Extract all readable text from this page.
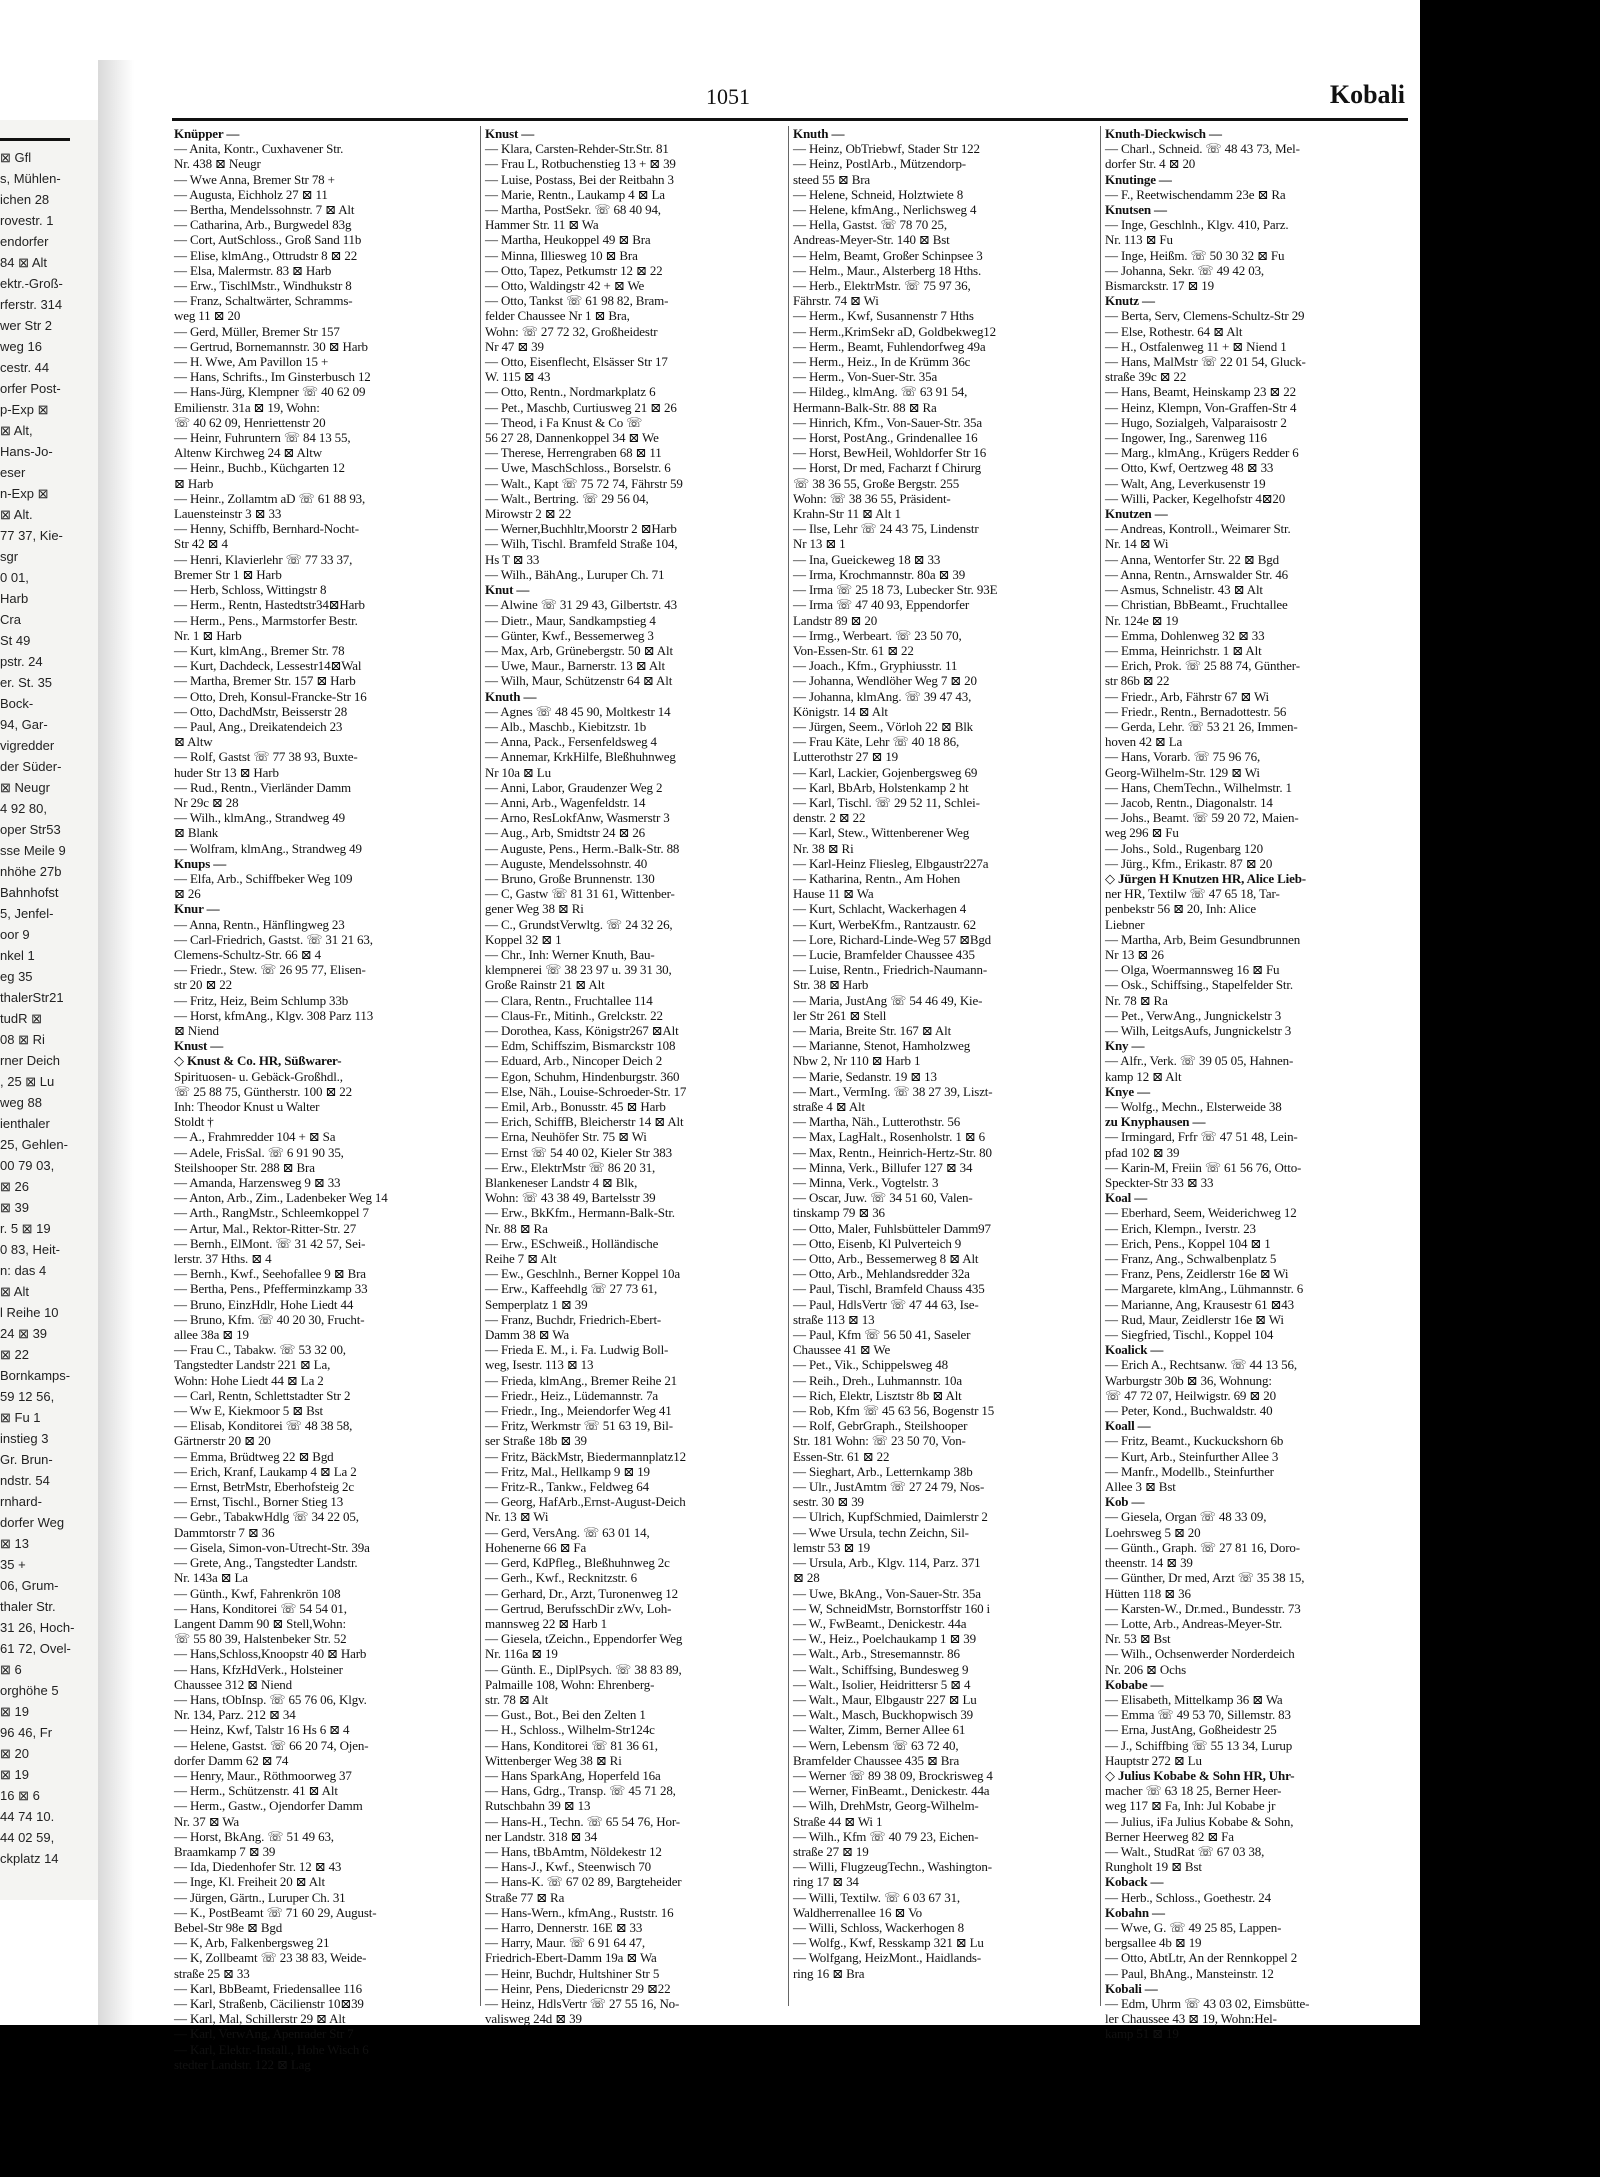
⊠ Gfl
s, Mühlen-
ichen 28
rovestr. 1
endorfer
84 ⊠ Alt
ektr.-Groß-
rferstr. 314
wer Str 2
weg 16
cestr. 44
orfer Post-
p-Exp ⊠
⊠ Alt,
Hans-Jo-
eser
n-Exp ⊠
⊠ Alt.
77 37, Kie-
sgr
0 01,
Harb
Cra
St 49
pstr. 24
er. St. 35
Bock-
94, Gar-
vigredder
der Süder-
⊠ Neugr
4 92 80,
oper Str53
sse Meile 9
nhöhe 27b
Bahnhofst
5, Jenfel-
oor 9
nkel 1
eg 35
thalerStr21
tudR ⊠
08 ⊠ Ri
rner Deich
, 25 ⊠ Lu
weg 88
ienthaler
25, Gehlen-
00 79 03,
⊠ 26
⊠ 39
r. 5 ⊠ 19
0 83, Heit-
n: das 4
⊠ Alt
l Reihe 10
24 ⊠ 39
⊠ 22
Bornkamps-
59 12 56,
⊠ Fu 1
instieg 3
Gr. Brun-
ndstr. 54
rnhard-
dorfer Weg
⊠ 13
35 +
06, Grum-
thaler Str.
31 26, Hoch-
61 72, Ovel-
⊠ 6
orghöhe 5
⊠ 19
96 46, Fr
⊠ 20
⊠ 19
16 ⊠ 6
44 74 10.
44 02 59,
ckplatz 14
1051	Kobali

Knüpper —

— Anita, Kontr., Cuxhavener Str.

Nr. 438 ⊠ Neugr

— Wwe Anna, Bremer Str 78 +

— Augusta, Eichholz 27 ⊠ 11

— Bertha, Mendelssohnstr. 7 ⊠ Alt

— Catharina, Arb., Burgwedel 83g

— Cort, AutSchloss., Groß Sand 11b

— Elise, klmAng., Ottrudstr 8 ⊠ 22

— Elsa, Malermstr. 83 ⊠ Harb

— Erw., TischlMstr., Windhukstr 8

— Franz, Schaltwärter, Schramms-

weg 11 ⊠ 20

— Gerd, Müller, Bremer Str 157

— Gertrud, Bornemannstr. 30 ⊠ Harb

— H. Wwe, Am Pavillon 15 +

— Hans, Schrifts., Im Ginsterbusch 12

— Hans-Jürg, Klempner ☏ 40 62 09

Emilienstr. 31a ⊠ 19, Wohn:

☏ 40 62 09, Henriettenstr 20

— Heinr, Fuhruntern ☏ 84 13 55,

Altenw Kirchweg 24 ⊠ Altw

— Heinr., Buchb., Küchgarten 12

⊠ Harb

— Heinr., Zollamtm aD ☏ 61 88 93,

Lauensteinstr 3 ⊠ 33

— Henny, Schiffb, Bernhard-Nocht-

Str 42 ⊠ 4

— Henri, Klavierlehr ☏ 77 33 37,

Bremer Str 1 ⊠ Harb

— Herb, Schloss, Wittingstr 8

— Herm., Rentn, Hastedtstr34⊠Harb

— Herm., Pens., Marmstorfer Bestr.

Nr. 1 ⊠ Harb

— Kurt, klmAng., Bremer Str. 78

— Kurt, Dachdeck, Lessestr14⊠Wal

— Martha, Bremer Str. 157 ⊠ Harb

— Otto, Dreh, Konsul-Francke-Str 16

— Otto, DachdMstr, Beisserstr 28

— Paul, Ang., Dreikatendeich 23

⊠ Altw

— Rolf, Gastst ☏ 77 38 93, Buxte-

huder Str 13 ⊠ Harb

— Rud., Rentn., Vierländer Damm

Nr 29c ⊠ 28

— Wilh., klmAng., Strandweg 49

⊠ Blank

— Wolfram, klmAng., Strandweg 49

Knups —

— Elfa, Arb., Schiffbeker Weg 109

⊠ 26

Knur —

— Anna, Rentn., Hänflingweg 23

— Carl-Friedrich, Gastst. ☏ 31 21 63,

Clemens-Schultz-Str. 66 ⊠ 4

— Friedr., Stew. ☏ 26 95 77, Elisen-

str 20 ⊠ 22

— Fritz, Heiz, Beim Schlump 33b

— Horst, kfmAng., Klgv. 308 Parz 113

⊠ Niend

Knust —

◇ Knust & Co. HR, Süßwarer-

Spirituosen- u. Gebäck-Großhdl.,

☏ 25 88 75, Güntherstr. 100 ⊠ 22

Inh: Theodor Knust u Walter

Stoldt †

— A., Frahmredder 104 + ⊠ Sa

— Adele, FrisSal. ☏ 6 91 90 35,

Steilshooper Str. 288 ⊠ Bra

— Amanda, Harzensweg 9 ⊠ 33

— Anton, Arb., Zim., Ladenbeker Weg 14

— Arth., RangMstr., Schleemkoppel 7

— Artur, Mal., Rektor-Ritter-Str. 27

— Bernh., ElMont. ☏ 31 42 57, Sei-

lerstr. 37 Hths. ⊠ 4

— Bernh., Kwf., Seehofallee 9 ⊠ Bra

— Bertha, Pens., Pfefferminzkamp 33

— Bruno, EinzHdlr, Hohe Liedt 44

— Bruno, Kfm. ☏ 40 20 30, Frucht-

allee 38a ⊠ 19

— Frau C., Tabakw. ☏ 53 32 00,

Tangstedter Landstr 221 ⊠ La,

Wohn: Hohe Liedt 44 ⊠ La 2

— Carl, Rentn, Schlettstadter Str 2

— Ww E, Kiekmoor 5 ⊠ Bst

— Elisab, Konditorei ☏ 48 38 58,

Gärtnerstr 20 ⊠ 20

— Emma, Brüdtweg 22 ⊠ Bgd

— Erich, Kranf, Laukamp 4 ⊠ La 2

— Ernst, BetrMstr, Eberhofsteig 2c

— Ernst, Tischl., Borner Stieg 13

— Gebr., TabakwHdlg ☏ 34 22 05,

Dammtorstr 7 ⊠ 36

— Gisela, Simon-von-Utrecht-Str. 39a

— Grete, Ang., Tangstedter Landstr.

Nr. 143a ⊠ La

— Günth., Kwf, Fahrenkrön 108

— Hans, Konditorei ☏ 54 54 01,

Langent Damm 90 ⊠ Stell,Wohn:

☏ 55 80 39, Halstenbeker Str. 52

— Hans,Schloss,Knoopstr 40 ⊠ Harb

— Hans, KfzHdVerk., Holsteiner

Chaussee 312 ⊠ Niend

— Hans, tObInsp. ☏ 65 76 06, Klgv.

Nr. 134, Parz. 212 ⊠ 34

— Heinz, Kwf, Talstr 16 Hs 6 ⊠ 4

— Helene, Gastst. ☏ 66 20 74, Ojen-

dorfer Damm 62 ⊠ 74

— Henry, Maur., Röthmoorweg 37

— Herm., Schützenstr. 41 ⊠ Alt

— Herm., Gastw., Ojendorfer Damm

Nr. 37 ⊠ Wa

— Horst, BkAng. ☏ 51 49 63,

Braamkamp 7 ⊠ 39

— Ida, Diedenhofer Str. 12 ⊠ 43

— Inge, Kl. Freiheit 20 ⊠ Alt

— Jürgen, Gärtn., Luruper Ch. 31

— K., PostBeamt ☏ 71 60 29, August-

Bebel-Str 98e ⊠ Bgd

— K, Arb, Falkenbergsweg 21

— K, Zollbeamt ☏ 23 38 83, Weide-

straße 25 ⊠ 33

— Karl, BbBeamt, Friedensallee 116

— Karl, Straßenb, Cäcilienstr 10⊠39

— Karl, Mal, Schillerstr 29 ⊠ Alt

— Karl, VerwAng, Apenrader Str 7

— Karl, Elektr.-Install., Hohe Wisch 6

stedter Landstr. 122 ⊠ Lag

Knust —

— Klara, Carsten-Rehder-Str.Str. 81

— Frau L, Rotbuchenstieg 13 + ⊠ 39

— Luise, Postass, Bei der Reitbahn 3

— Marie, Rentn., Laukamp 4 ⊠ La

— Martha, PostSekr. ☏ 68 40 94,

Hammer Str. 11 ⊠ Wa

— Martha, Heukoppel 49 ⊠ Bra

— Minna, Illiesweg 10 ⊠ Bra

— Otto, Tapez, Petkumstr 12 ⊠ 22

— Otto, Waldingstr 42 + ⊠ We

— Otto, Tankst ☏ 61 98 82, Bram-

felder Chaussee Nr 1 ⊠ Bra,

Wohn: ☏ 27 72 32, Großheidestr

Nr 47 ⊠ 39

— Otto, Eisenflecht, Elsässer Str 17

W. 115 ⊠ 43

— Otto, Rentn., Nordmarkplatz 6

— Pet., Maschb, Curtiusweg 21 ⊠ 26

— Theod, i Fa Knust & Co ☏

56 27 28, Dannenkoppel 34 ⊠ We

— Therese, Herrengraben 68 ⊠ 11

— Uwe, MaschSchloss., Borselstr. 6

— Walt., Kapt ☏ 75 72 74, Fährstr 59

— Walt., Bertring. ☏ 29 56 04,

Mirowstr 2 ⊠ 22

— Werner,Buchhltr,Moorstr 2 ⊠Harb

— Wilh, Tischl. Bramfeld Straße 104,

Hs T ⊠ 33

— Wilh., BähAng., Luruper Ch. 71

Knut —

— Alwine ☏ 31 29 43, Gilbertstr. 43

— Dietr., Maur, Sandkampstieg 4

— Günter, Kwf., Bessemerweg 3

— Max, Arb, Grünebergstr. 50 ⊠ Alt

— Uwe, Maur., Barnerstr. 13 ⊠ Alt

— Wilh, Maur, Schützenstr 64 ⊠ Alt

Knuth —

— Agnes ☏ 48 45 90, Moltkestr 14

— Alb., Maschb., Kiebitzstr. 1b

— Anna, Pack., Fersenfeldsweg 4

— Annemar, KrkHilfe, Bleßhuhnweg

Nr 10a ⊠ Lu

— Anni, Labor, Graudenzer Weg 2

— Anni, Arb., Wagenfeldstr. 14

— Arno, ResLokfAnw, Wasmerstr 3

— Aug., Arb, Smidtstr 24 ⊠ 26

— Auguste, Pens., Herm.-Balk-Str. 88

— Auguste, Mendelssohnstr. 40

— Bruno, Große Brunnenstr. 130

— C, Gastw ☏ 81 31 61, Wittenber-

gener Weg 38 ⊠ Ri

— C., GrundstVerwltg. ☏ 24 32 26,

Koppel 32 ⊠ 1

— Chr., Inh: Werner Knuth, Bau-

klempnerei ☏ 38 23 97 u. 39 31 30,

Große Rainstr 21 ⊠ Alt

— Clara, Rentn., Fruchtallee 114

— Claus-Fr., Mitinh., Grelckstr. 22

— Dorothea, Kass, Königstr267 ⊠Alt

— Edm, Schiffszim, Bismarckstr 108

— Eduard, Arb., Nincoper Deich 2

— Egon, Schuhm, Hindenburgstr. 360

— Else, Näh., Louise-Schroeder-Str. 17

— Emil, Arb., Bonusstr. 45 ⊠ Harb

— Erich, SchiffB, Bleicherstr 14 ⊠ Alt

— Erna, Neuhöfer Str. 75 ⊠ Wi

— Ernst ☏ 54 40 02, Kieler Str 383

— Erw., ElektrMstr ☏ 86 20 31,

Blankeneser Landstr 4 ⊠ Blk,

Wohn: ☏ 43 38 49, Bartelsstr 39

— Erw., BkKfm., Hermann-Balk-Str.

Nr. 88 ⊠ Ra

— Erw., ESchweiß., Holländische

Reihe 7 ⊠ Alt

— Ew., Geschlnh., Berner Koppel 10a

— Erw., Kaffeehdlg ☏ 27 73 61,

Semperplatz 1 ⊠ 39

— Franz, Buchdr, Friedrich-Ebert-

Damm 38 ⊠ Wa

— Frieda E. M., i. Fa. Ludwig Boll-

weg, Isestr. 113 ⊠ 13

— Frieda, klmAng., Bremer Reihe 21

— Friedr., Heiz., Lüdemannstr. 7a

— Friedr., Ing., Meiendorfer Weg 41

— Fritz, Werkmstr ☏ 51 63 19, Bil-

ser Straße 18b ⊠ 39

— Fritz, BäckMstr, Biedermannplatz12

— Fritz, Mal., Hellkamp 9 ⊠ 19

— Fritz-R., Tankw., Feldweg 64

— Georg, HafArb.,Ernst-August-Deich

Nr. 13 ⊠ Wi

— Gerd, VersAng. ☏ 63 01 14,

Hohenerne 66 ⊠ Fa

— Gerd, KdPfleg., Bleßhuhnweg 2c

— Gerh., Kwf., Recknitzstr. 6

— Gerhard, Dr., Arzt, Turonenweg 12

— Gertrud, BerufsschDir zWv, Loh-

mannsweg 22 ⊠ Harb 1

— Giesela, tZeichn., Eppendorfer Weg

Nr. 116a ⊠ 19

— Günth. E., DiplPsych. ☏ 38 83 89,

Palmaille 108, Wohn: Ehrenberg-

str. 78 ⊠ Alt

— Gust., Bot., Bei den Zelten 1

— H., Schloss., Wilhelm-Str124c

— Hans, Konditorei ☏ 81 36 61,

Wittenberger Weg 38 ⊠ Ri

— Hans SparkAng, Hoperfeld 16a

— Hans, Gdrg., Transp. ☏ 45 71 28,

Rutschbahn 39 ⊠ 13

— Hans-H., Techn. ☏ 65 54 76, Hor-

ner Landstr. 318 ⊠ 34

— Hans, tBbAmtm, Nöldekestr 12

— Hans-J., Kwf., Steenwisch 70

— Hans-K. ☏ 67 02 89, Bargteheider

Straße 77 ⊠ Ra

— Hans-Wern., kfmAng., Ruststr. 16

— Harro, Dennerstr. 16E ⊠ 33

— Harry, Maur. ☏ 6 91 64 47,

Friedrich-Ebert-Damm 19a ⊠ Wa

— Heinr, Buchdr, Hultshiner Str 5

— Heinr, Pens, Diedericnstr 29 ⊠22

— Heinz, HdlsVertr ☏ 27 55 16, No-

valisweg 24d ⊠ 39

Knuth —

— Heinz, ObTriebwf, Stader Str 122

— Heinz, PostlArb., Mützendorp-

steed 55 ⊠ Bra

— Helene, Schneid, Holztwiete 8

— Helene, kfmAng., Nerlichsweg 4

— Hella, Gastst. ☏ 78 70 25,

Andreas-Meyer-Str. 140 ⊠ Bst

— Helm, Beamt, Großer Schinpsee 3

— Helm., Maur., Alsterberg 18 Hths.

— Herb., ElektrMstr. ☏ 75 97 36,

Fährstr. 74 ⊠ Wi

— Herm., Kwf, Susannenstr 7 Hths

— Herm.,KrimSekr aD, Goldbekweg12

— Herm., Beamt, Fuhlendorfweg 49a

— Herm., Heiz., In de Krümm 36c

— Herm., Von-Suer-Str. 35a

— Hildeg., klmAng. ☏ 63 91 54,

Hermann-Balk-Str. 88 ⊠ Ra

— Hinrich, Kfm., Von-Sauer-Str. 35a

— Horst, PostAng., Grindenallee 16

— Horst, BewHeil, Wohldorfer Str 16

— Horst, Dr med, Facharzt f Chirurg

☏ 38 36 55, Große Bergstr. 255

Wohn: ☏ 38 36 55, Präsident-

Krahn-Str 11 ⊠ Alt 1

— Ilse, Lehr ☏ 24 43 75, Lindenstr

Nr 13 ⊠ 1

— Ina, Gueickeweg 18 ⊠ 33

— Irma, Krochmannstr. 80a ⊠ 39

— Irma ☏ 25 18 73, Lubecker Str. 93E

— Irma ☏ 47 40 93, Eppendorfer

Landstr 89 ⊠ 20

— Irmg., Werbeart. ☏ 23 50 70,

Von-Essen-Str. 61 ⊠ 22

— Joach., Kfm., Gryphiusstr. 11

— Johanna, Wendlöher Weg 7 ⊠ 20

— Johanna, klmAng. ☏ 39 47 43,

Königstr. 14 ⊠ Alt

— Jürgen, Seem., Vörloh 22 ⊠ Blk

— Frau Käte, Lehr ☏ 40 18 86,

Lutterothstr 27 ⊠ 19

— Karl, Lackier, Gojenbergsweg 69

— Karl, BbArb, Holstenkamp 2 ht

— Karl, Tischl. ☏ 29 52 11, Schlei-

denstr. 2 ⊠ 22

— Karl, Stew., Wittenberener Weg

Nr. 38 ⊠ Ri

— Karl-Heinz Fliesleg, Elbgaustr227a

— Katharina, Rentn., Am Hohen

Hause 11 ⊠ Wa

— Kurt, Schlacht, Wackerhagen 4

— Kurt, WerbeKfm., Rantzaustr. 62

— Lore, Richard-Linde-Weg 57 ⊠Bgd

— Lucie, Bramfelder Chaussee 435

— Luise, Rentn., Friedrich-Naumann-

Str. 38 ⊠ Harb

— Maria, JustAng ☏ 54 46 49, Kie-

ler Str 261 ⊠ Stell

— Maria, Breite Str. 167 ⊠ Alt

— Marianne, Stenot, Hamholzweg

Nbw 2, Nr 110 ⊠ Harb 1

— Marie, Sedanstr. 19 ⊠ 13

— Mart., VermIng. ☏ 38 27 39, Liszt-

straße 4 ⊠ Alt

— Martha, Näh., Lutterothstr. 56

— Max, LagHalt., Rosenholstr. 1 ⊠ 6

— Max, Rentn., Heinrich-Hertz-Str. 80

— Minna, Verk., Billufer 127 ⊠ 34

— Minna, Verk., Vogtelstr. 3

— Oscar, Juw. ☏ 34 51 60, Valen-

tinskamp 79 ⊠ 36

— Otto, Maler, Fuhlsbütteler Damm97

— Otto, Eisenb, Kl Pulverteich 9

— Otto, Arb., Bessemerweg 8 ⊠ Alt

— Otto, Arb., Mehlandsredder 32a

— Paul, Tischl, Bramfeld Chauss 435

— Paul, HdlsVertr ☏ 47 44 63, Ise-

straße 113 ⊠ 13

— Paul, Kfm ☏ 56 50 41, Saseler

Chaussee 41 ⊠ We

— Pet., Vik., Schippelsweg 48

— Reih., Dreh., Luhmannstr. 10a

— Rich, Elektr, Lisztstr 8b ⊠ Alt

— Rob, Kfm ☏ 45 63 56, Bogenstr 15

— Rolf, GebrGraph., Steilshooper

Str. 181 Wohn: ☏ 23 50 70, Von-

Essen-Str. 61 ⊠ 22

— Sieghart, Arb., Letternkamp 38b

— Ulr., JustAmtm ☏ 27 24 79, Nos-

sestr. 30 ⊠ 39

— Ulrich, KupfSchmied, Daimlerstr 2

— Wwe Ursula, techn Zeichn, Sil-

lemstr 53 ⊠ 19

— Ursula, Arb., Klgv. 114, Parz. 371

⊠ 28

— Uwe, BkAng., Von-Sauer-Str. 35a

— W, SchneidMstr, Bornstorffstr 160 i

— W., FwBeamt., Denickestr. 44a

— W., Heiz., Poelchaukamp 1 ⊠ 39

— Walt., Arb., Stresemannstr. 86

— Walt., Schiffsing, Bundesweg 9

— Walt., Isolier, Heidrittersr 5 ⊠ 4

— Walt., Maur, Elbgaustr 227 ⊠ Lu

— Walt., Masch, Buckhopwisch 39

— Walter, Zimm, Berner Allee 61

— Wern, Lebensm ☏ 63 72 40,

Bramfelder Chaussee 435 ⊠ Bra

— Werner ☏ 89 38 09, Brockrisweg 4

— Werner, FinBeamt., Denickestr. 44a

— Wilh, DrehMstr, Georg-Wilhelm-

Straße 44 ⊠ Wi 1

— Wilh., Kfm ☏ 40 79 23, Eichen-

straße 27 ⊠ 19

— Willi, FlugzeugTechn., Washington-

ring 17 ⊠ 34

— Willi, Textilw. ☏ 6 03 67 31,

Waldherrenallee 16 ⊠ Vo

— Willi, Schloss, Wackerhogen 8

— Wolfg., Kwf, Resskamp 321 ⊠ Lu

— Wolfgang, HeizMont., Haidlands-

ring 16 ⊠ Bra

Knuth-Dieckwisch —

— Charl., Schneid. ☏ 48 43 73, Mel-

dorfer Str. 4 ⊠ 20

Knutinge —

— F., Reetwischendamm 23e ⊠ Ra

Knutsen —

— Inge, Geschlnh., Klgv. 410, Parz.

Nr. 113 ⊠ Fu

— Inge, Heißm. ☏ 50 30 32 ⊠ Fu

— Johanna, Sekr. ☏ 49 42 03,

Bismarckstr. 17 ⊠ 19

Knutz —

— Berta, Serv, Clemens-Schultz-Str 29

— Else, Rothestr. 64 ⊠ Alt

— H., Ostfalenweg 11 + ⊠ Niend 1

— Hans, MalMstr ☏ 22 01 54, Gluck-

straße 39c ⊠ 22

— Hans, Beamt, Heinskamp 23 ⊠ 22

— Heinz, Klempn, Von-Graffen-Str 4

— Hugo, Sozialgeh, Valparaisostr 2

— Ingower, Ing., Sarenweg 116

— Marg., klmAng., Krügers Redder 6

— Otto, Kwf, Oertzweg 48 ⊠ 33

— Walt, Ang, Leverkusenstr 19

— Willi, Packer, Kegelhofstr 4⊠20

Knutzen —

— Andreas, Kontroll., Weimarer Str.

Nr. 14 ⊠ Wi

— Anna, Wentorfer Str. 22 ⊠ Bgd

— Anna, Rentn., Arnswalder Str. 46

— Asmus, Schnelistr. 43 ⊠ Alt

— Christian, BbBeamt., Fruchtallee

Nr. 124e ⊠ 19

— Emma, Dohlenweg 32 ⊠ 33

— Emma, Heinrichstr. 1 ⊠ Alt

— Erich, Prok. ☏ 25 88 74, Günther-

str 86b ⊠ 22

— Friedr., Arb, Fährstr 67 ⊠ Wi

— Friedr., Rentn., Bernadottestr. 56

— Gerda, Lehr. ☏ 53 21 26, Immen-

hoven 42 ⊠ La

— Hans, Vorarb. ☏ 75 96 76,

Georg-Wilhelm-Str. 129 ⊠ Wi

— Hans, ChemTechn., Wilhelmstr. 1

— Jacob, Rentn., Diagonalstr. 14

— Johs., Beamt. ☏ 59 20 72, Maien-

weg 296 ⊠ Fu

— Johs., Sold., Rugenbarg 120

— Jürg., Kfm., Erikastr. 87 ⊠ 20

◇ Jürgen H Knutzen HR, Alice Lieb-

ner HR, Textilw ☏ 47 65 18, Tar-

penbekstr 56 ⊠ 20, Inh: Alice

Liebner

— Martha, Arb, Beim Gesundbrunnen

Nr 13 ⊠ 26

— Olga, Woermannsweg 16 ⊠ Fu

— Osk., Schiffsing., Stapelfelder Str.

Nr. 78 ⊠ Ra

— Pet., VerwAng., Jungnickelstr 3

— Wilh, LeitgsAufs, Jungnickelstr 3

Kny —

— Alfr., Verk. ☏ 39 05 05, Hahnen-

kamp 12 ⊠ Alt

Knye —

— Wolfg., Mechn., Elsterweide 38

zu Knyphausen —

— Irmingard, Frfr ☏ 47 51 48, Lein-

pfad 102 ⊠ 39

— Karin-M, Freiin ☏ 61 56 76, Otto-

Speckter-Str 33 ⊠ 33

Koal —

— Eberhard, Seem, Weiderichweg 12

— Erich, Klempn., Iverstr. 23

— Erich, Pens., Koppel 104 ⊠ 1

— Franz, Ang., Schwalbenplatz 5

— Franz, Pens, Zeidlerstr 16e ⊠ Wi

— Margarete, klmAng., Lühmannstr. 6

— Marianne, Ang, Krausestr 61 ⊠43

— Rud, Maur, Zeidlerstr 16e ⊠ Wi

— Siegfried, Tischl., Koppel 104

Koalick —

— Erich A., Rechtsanw. ☏ 44 13 56,

Warburgstr 30b ⊠ 36, Wohnung:

☏ 47 72 07, Heilwigstr. 69 ⊠ 20

— Peter, Kond., Buchwaldstr. 40

Koall —

— Fritz, Beamt., Kuckuckshorn 6b

— Kurt, Arb., Steinfurther Allee 3

— Manfr., Modellb., Steinfurther

Allee 3 ⊠ Bst

Kob —

— Giesela, Organ ☏ 48 33 09,

Loehrsweg 5 ⊠ 20

— Günth., Graph. ☏ 27 81 16, Doro-

theenstr. 14 ⊠ 39

— Günther, Dr med, Arzt ☏ 35 38 15,

Hütten 118 ⊠ 36

— Karsten-W., Dr.med., Bundesstr. 73

— Lotte, Arb., Andreas-Meyer-Str.

Nr. 53 ⊠ Bst

— Wilh., Ochsenwerder Norderdeich

Nr. 206 ⊠ Ochs

Kobabe —

— Elisabeth, Mittelkamp 36 ⊠ Wa

— Emma ☏ 49 53 70, Sillemstr. 83

— Erna, JustAng, Goßheidestr 25

— J., Schiffbing ☏ 55 13 34, Lurup

Hauptstr 272 ⊠ Lu

◇ Julius Kobabe & Sohn HR, Uhr-

macher ☏ 63 18 25, Berner Heer-

weg 117 ⊠ Fa, Inh: Jul Kobabe jr

— Julius, iFa Julius Kobabe & Sohn,

Berner Heerweg 82 ⊠ Fa

— Walt., StudRat ☏ 67 03 38,

Rungholt 19 ⊠ Bst

Koback —

— Herb., Schloss., Goethestr. 24

Kobahn —

— Wwe, G. ☏ 49 25 85, Lappen-

bergsallee 4b ⊠ 19

— Otto, AbtLtr, An der Rennkoppel 2

— Paul, BhAng., Mansteinstr. 12

Kobali —

— Edm, Uhrm ☏ 43 03 02, Eimsbütte-

ler Chaussee 43 ⊠ 19, Wohn:Hel-

kamp 51 ⊠ 19
